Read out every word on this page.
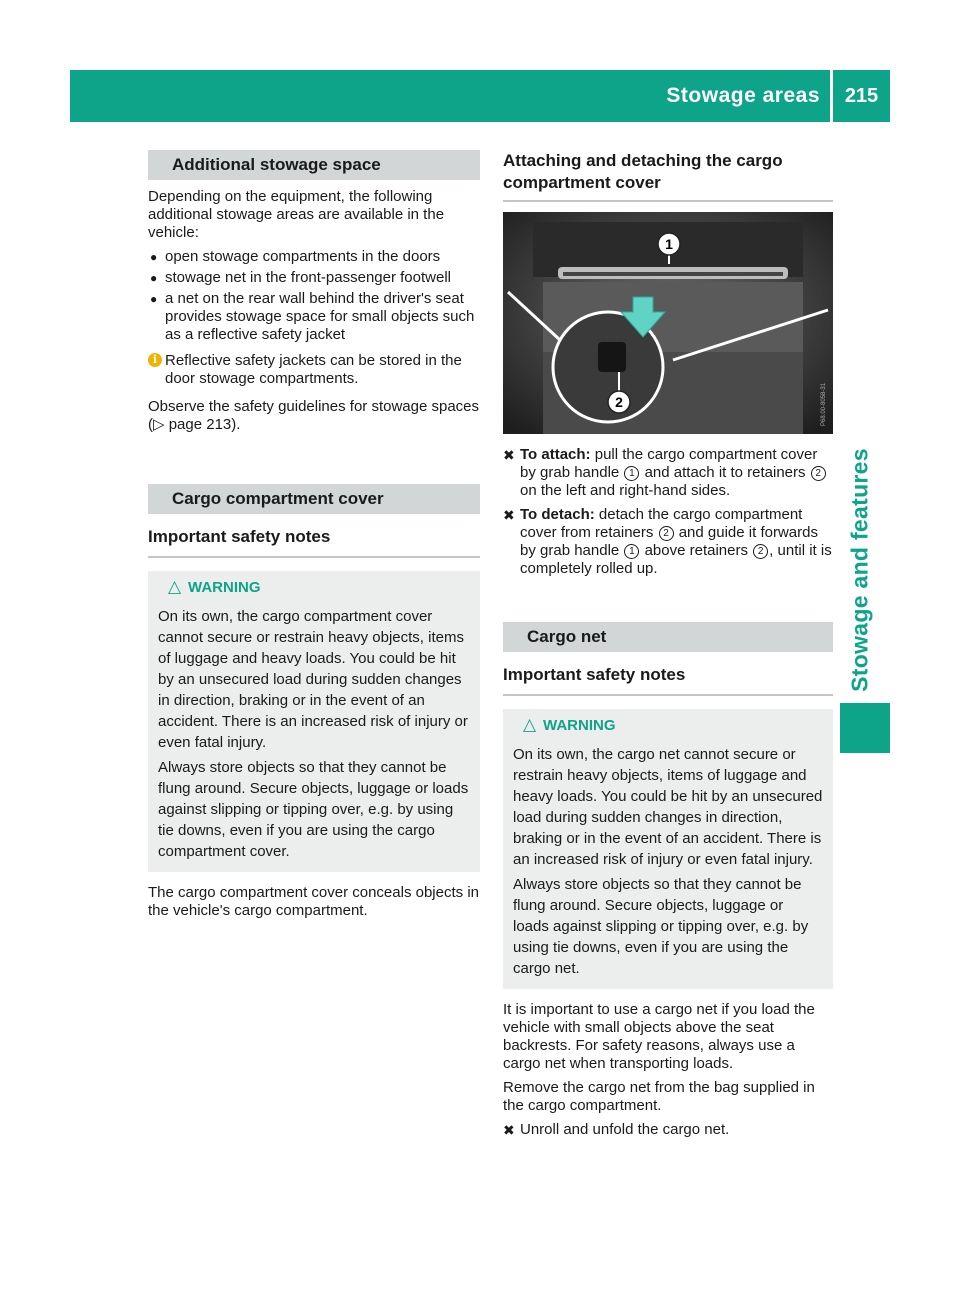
Stowage areas	215
Stowage and features
Additional stowage space

Depending on the equipment, the following additional stowage areas are available in the vehicle:

● open stowage compartments in the doors
● stowage net in the front-passenger footwell
● a net on the rear wall behind the driver's seat provides stowage space for small objects such as a reflective safety jacket
i Reflective safety jackets can be stored in the door stowage compartments.

Observe the safety guidelines for stowage spaces (▷ page 213).

Cargo compartment cover
Important safety notes
△ WARNING

On its own, the cargo compartment cover cannot secure or restrain heavy objects, items of luggage and heavy loads. You could be hit by an unsecured load during sudden changes in direction, braking or in the event of an accident. There is an increased risk of injury or even fatal injury.

Always store objects so that they cannot be flung around. Secure objects, luggage or loads against slipping or tipping over, e.g. by using tie downs, even if you are using the cargo compartment cover.

The cargo compartment cover conceals objects in the vehicle's cargo compartment.

Attaching and detaching the cargo compartment cover
1
2	P68.00-8058-31
✖ To attach: pull the cargo compartment cover by grab handle 1 and attach it to retainers 2 on the left and right-hand sides.
✖ To detach: detach the cargo compartment cover from retainers 2 and guide it forwards by grab handle 1 above retainers 2 , until it is completely rolled up.
Cargo net
Important safety notes
△ WARNING

On its own, the cargo net cannot secure or restrain heavy objects, items of luggage and heavy loads. You could be hit by an unsecured load during sudden changes in direction, braking or in the event of an accident. There is an increased risk of injury or even fatal injury.

Always store objects so that they cannot be flung around. Secure objects, luggage or loads against slipping or tipping over, e.g. by using tie downs, even if you are using the cargo net.

It is important to use a cargo net if you load the vehicle with small objects above the seat backrests. For safety reasons, always use a cargo net when transporting loads.

Remove the cargo net from the bag supplied in the cargo compartment.

✖ Unroll and unfold the cargo net.
